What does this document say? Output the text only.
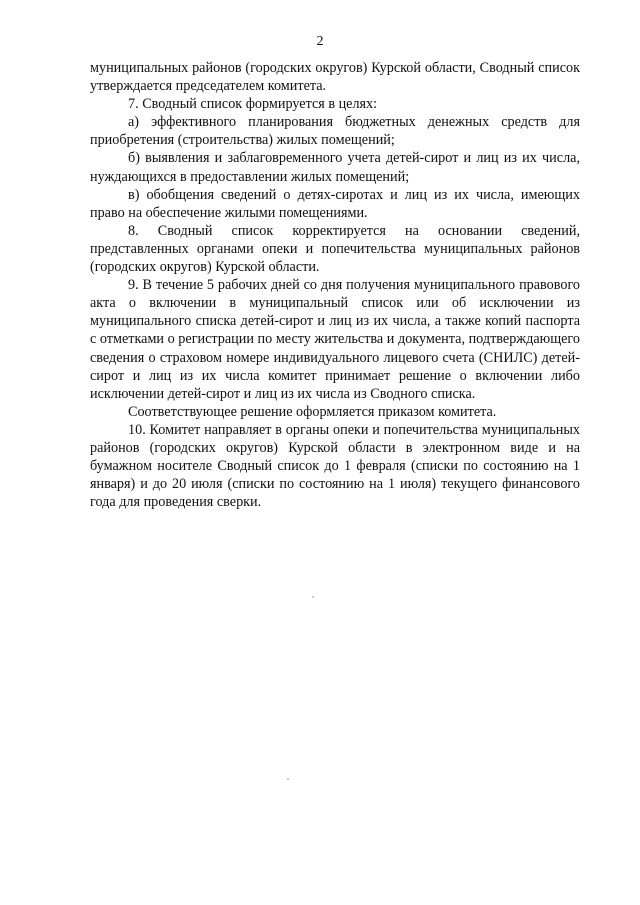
2

муниципальных районов (городских округов) Курской области, Сводный список утверждается председателем комитета.

7. Сводный список формируется в целях:

а) эффективного планирования бюджетных денежных средств для приобретения (строительства) жилых помещений;

б) выявления и заблаговременного учета детей-сирот и лиц из их числа, нуждающихся в предоставлении жилых помещений;

в) обобщения сведений о детях-сиротах и лиц из их числа, имеющих право на обеспечение жилыми помещениями.

8. Сводный список корректируется на основании сведений, представленных органами опеки и попечительства муниципальных районов (городских округов) Курской области.

9. В течение 5 рабочих дней со дня получения муниципального правового акта о включении в муниципальный список или об исключении из муниципального списка детей-сирот и лиц из их числа, а также копий паспорта с отметками о регистрации по месту жительства и документа, подтверждающего сведения о страховом номере индивидуального лицевого счета (СНИЛС) детей-сирот и лиц из их числа комитет принимает решение о включении либо исключении детей-сирот и лиц из их числа из Сводного списка.

Соответствующее решение оформляется приказом комитета.

10. Комитет направляет в органы опеки и попечительства муниципальных районов (городских округов) Курской области в электронном виде и на бумажном носителе Сводный список до 1 февраля (списки по состоянию на 1 января) и до 20 июля (списки по состоянию на 1 июля) текущего финансового года для проведения сверки.
